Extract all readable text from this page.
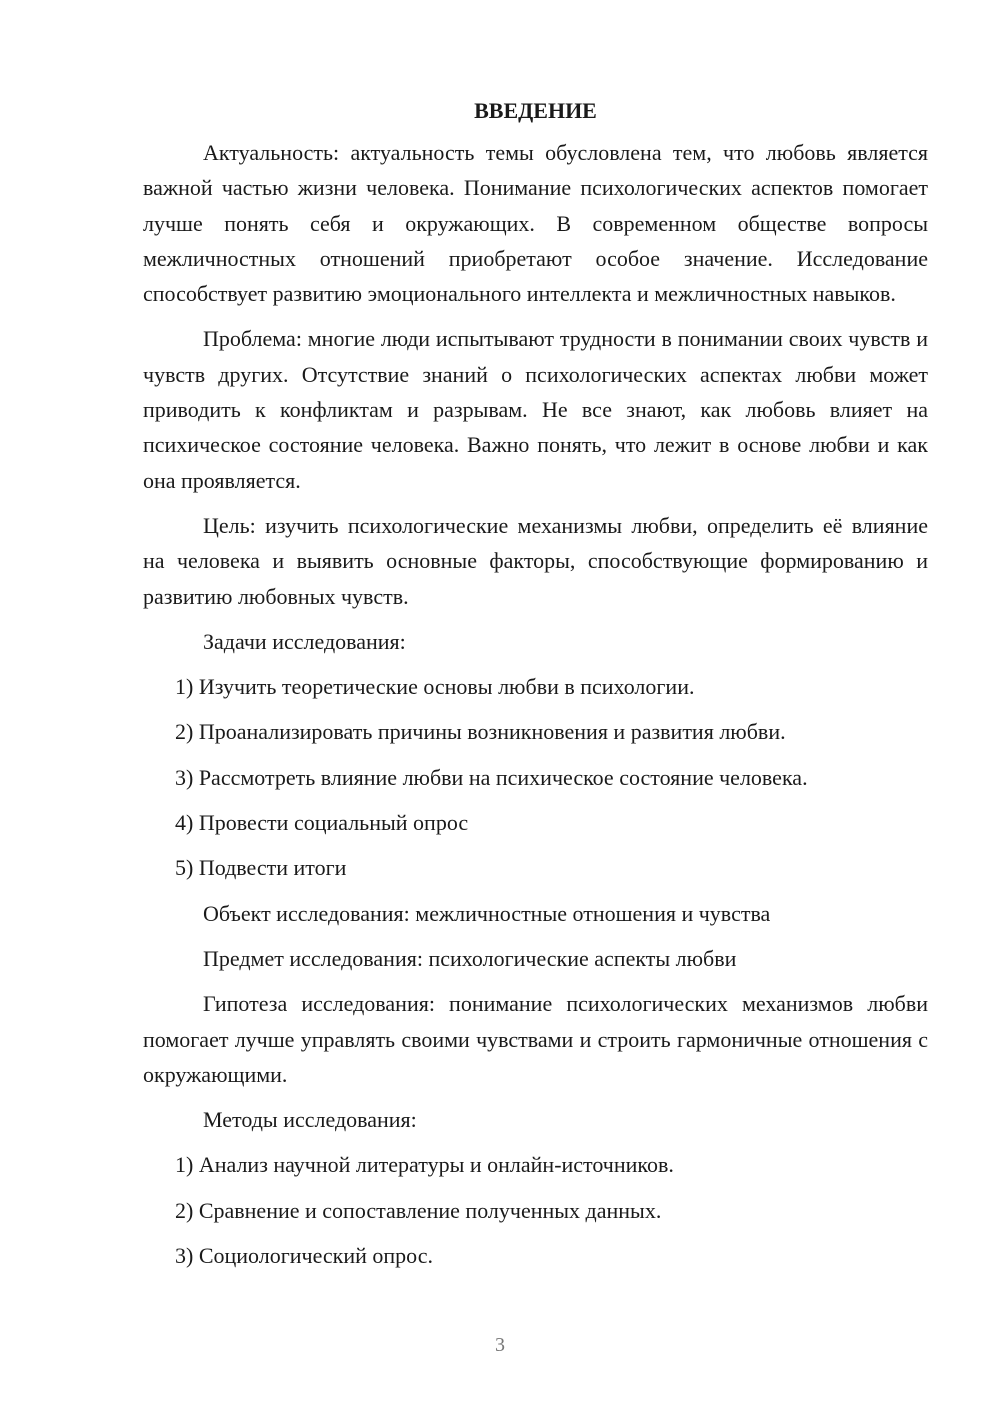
ВВЕДЕНИЕ

Актуальность: актуальность темы обусловлена тем, что любовь является важной частью жизни человека. Понимание психологических аспектов помогает лучше понять себя и окружающих. В современном обществе вопросы межличностных отношений приобретают особое значение. Исследование способствует развитию эмоционального интеллекта и межличностных навыков.

Проблема: многие люди испытывают трудности в понимании своих чувств и чувств других. Отсутствие знаний о психологических аспектах любви может приводить к конфликтам и разрывам. Не все знают, как любовь влияет на психическое состояние человека. Важно понять, что лежит в основе любви и как она проявляется.

Цель: изучить психологические механизмы любви, определить её влияние на человека и выявить основные факторы, способствующие формированию и развитию любовных чувств.

Задачи исследования:

1) Изучить теоретические основы любви в психологии.

2) Проанализировать причины возникновения и развития любви.

3) Рассмотреть влияние любви на психическое состояние человека.

4) Провести социальный опрос

5) Подвести итоги

Объект исследования: межличностные отношения и чувства

Предмет исследования: психологические аспекты любви

Гипотеза исследования: понимание психологических механизмов любви помогает лучше управлять своими чувствами и строить гармоничные отношения с окружающими.

Методы исследования:

1) Анализ научной литературы и онлайн-источников.

2) Сравнение и сопоставление полученных данных.

3) Социологический опрос.

3
